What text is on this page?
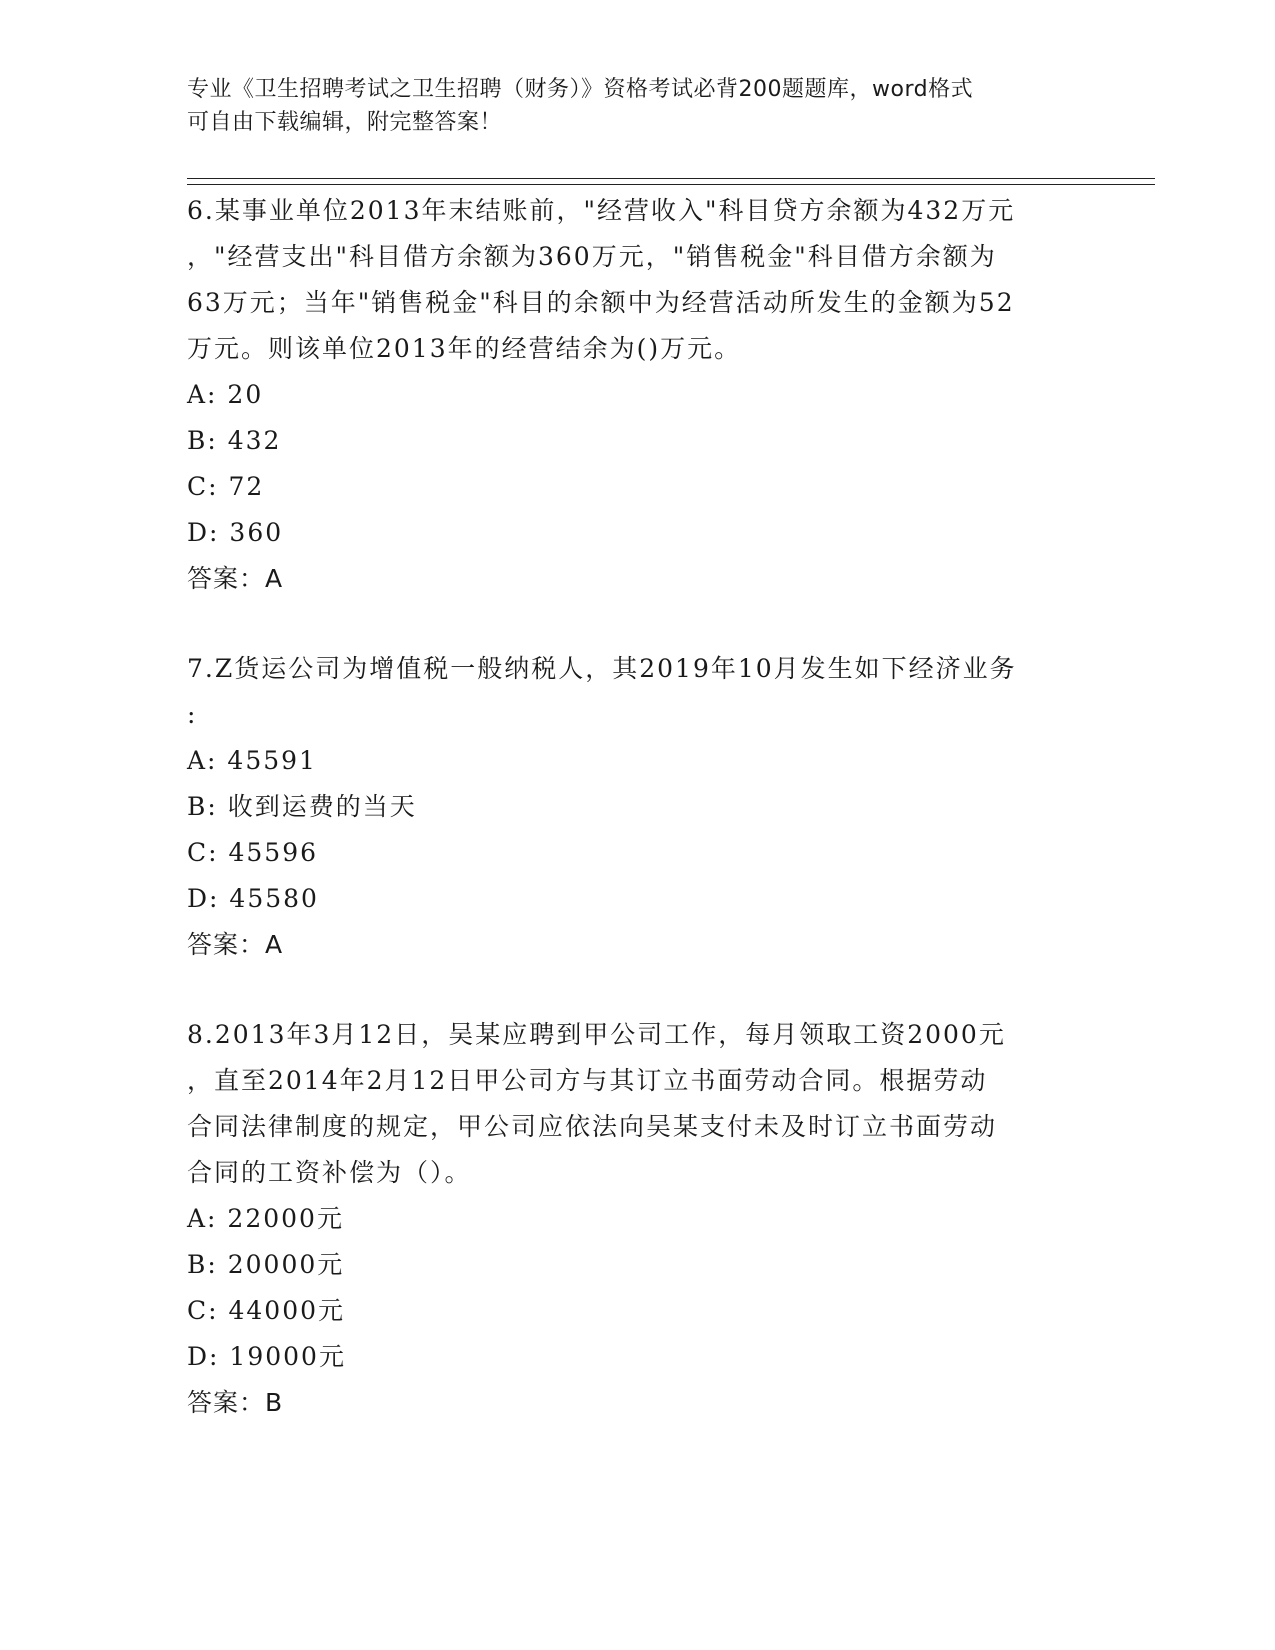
专业《卫生招聘考试之卫生招聘（财务）》资格考试必背200题题库，word格式
可自由下载编辑，附完整答案！
6.某事业单位2013年末结账前，"经营收入"科目贷方余额为432万元
，"经营支出"科目借方余额为360万元，"销售税金"科目借方余额为
63万元；当年"销售税金"科目的余额中为经营活动所发生的金额为52
万元。则该单位2013年的经营结余为()万元。
A: 20
B: 432
C: 72
D: 360
答案：A
7.Z货运公司为增值税一般纳税人，其2019年10月发生如下经济业务
:
A: 45591
B: 收到运费的当天
C: 45596
D: 45580
答案：A
8.2013年3月12日，吴某应聘到甲公司工作，每月领取工资2000元
，直至2014年2月12日甲公司方与其订立书面劳动合同。根据劳动
合同法律制度的规定，甲公司应依法向吴某支付未及时订立书面劳动
合同的工资补偿为（）。
A: 22000元
B: 20000元
C: 44000元
D: 19000元
答案：B
